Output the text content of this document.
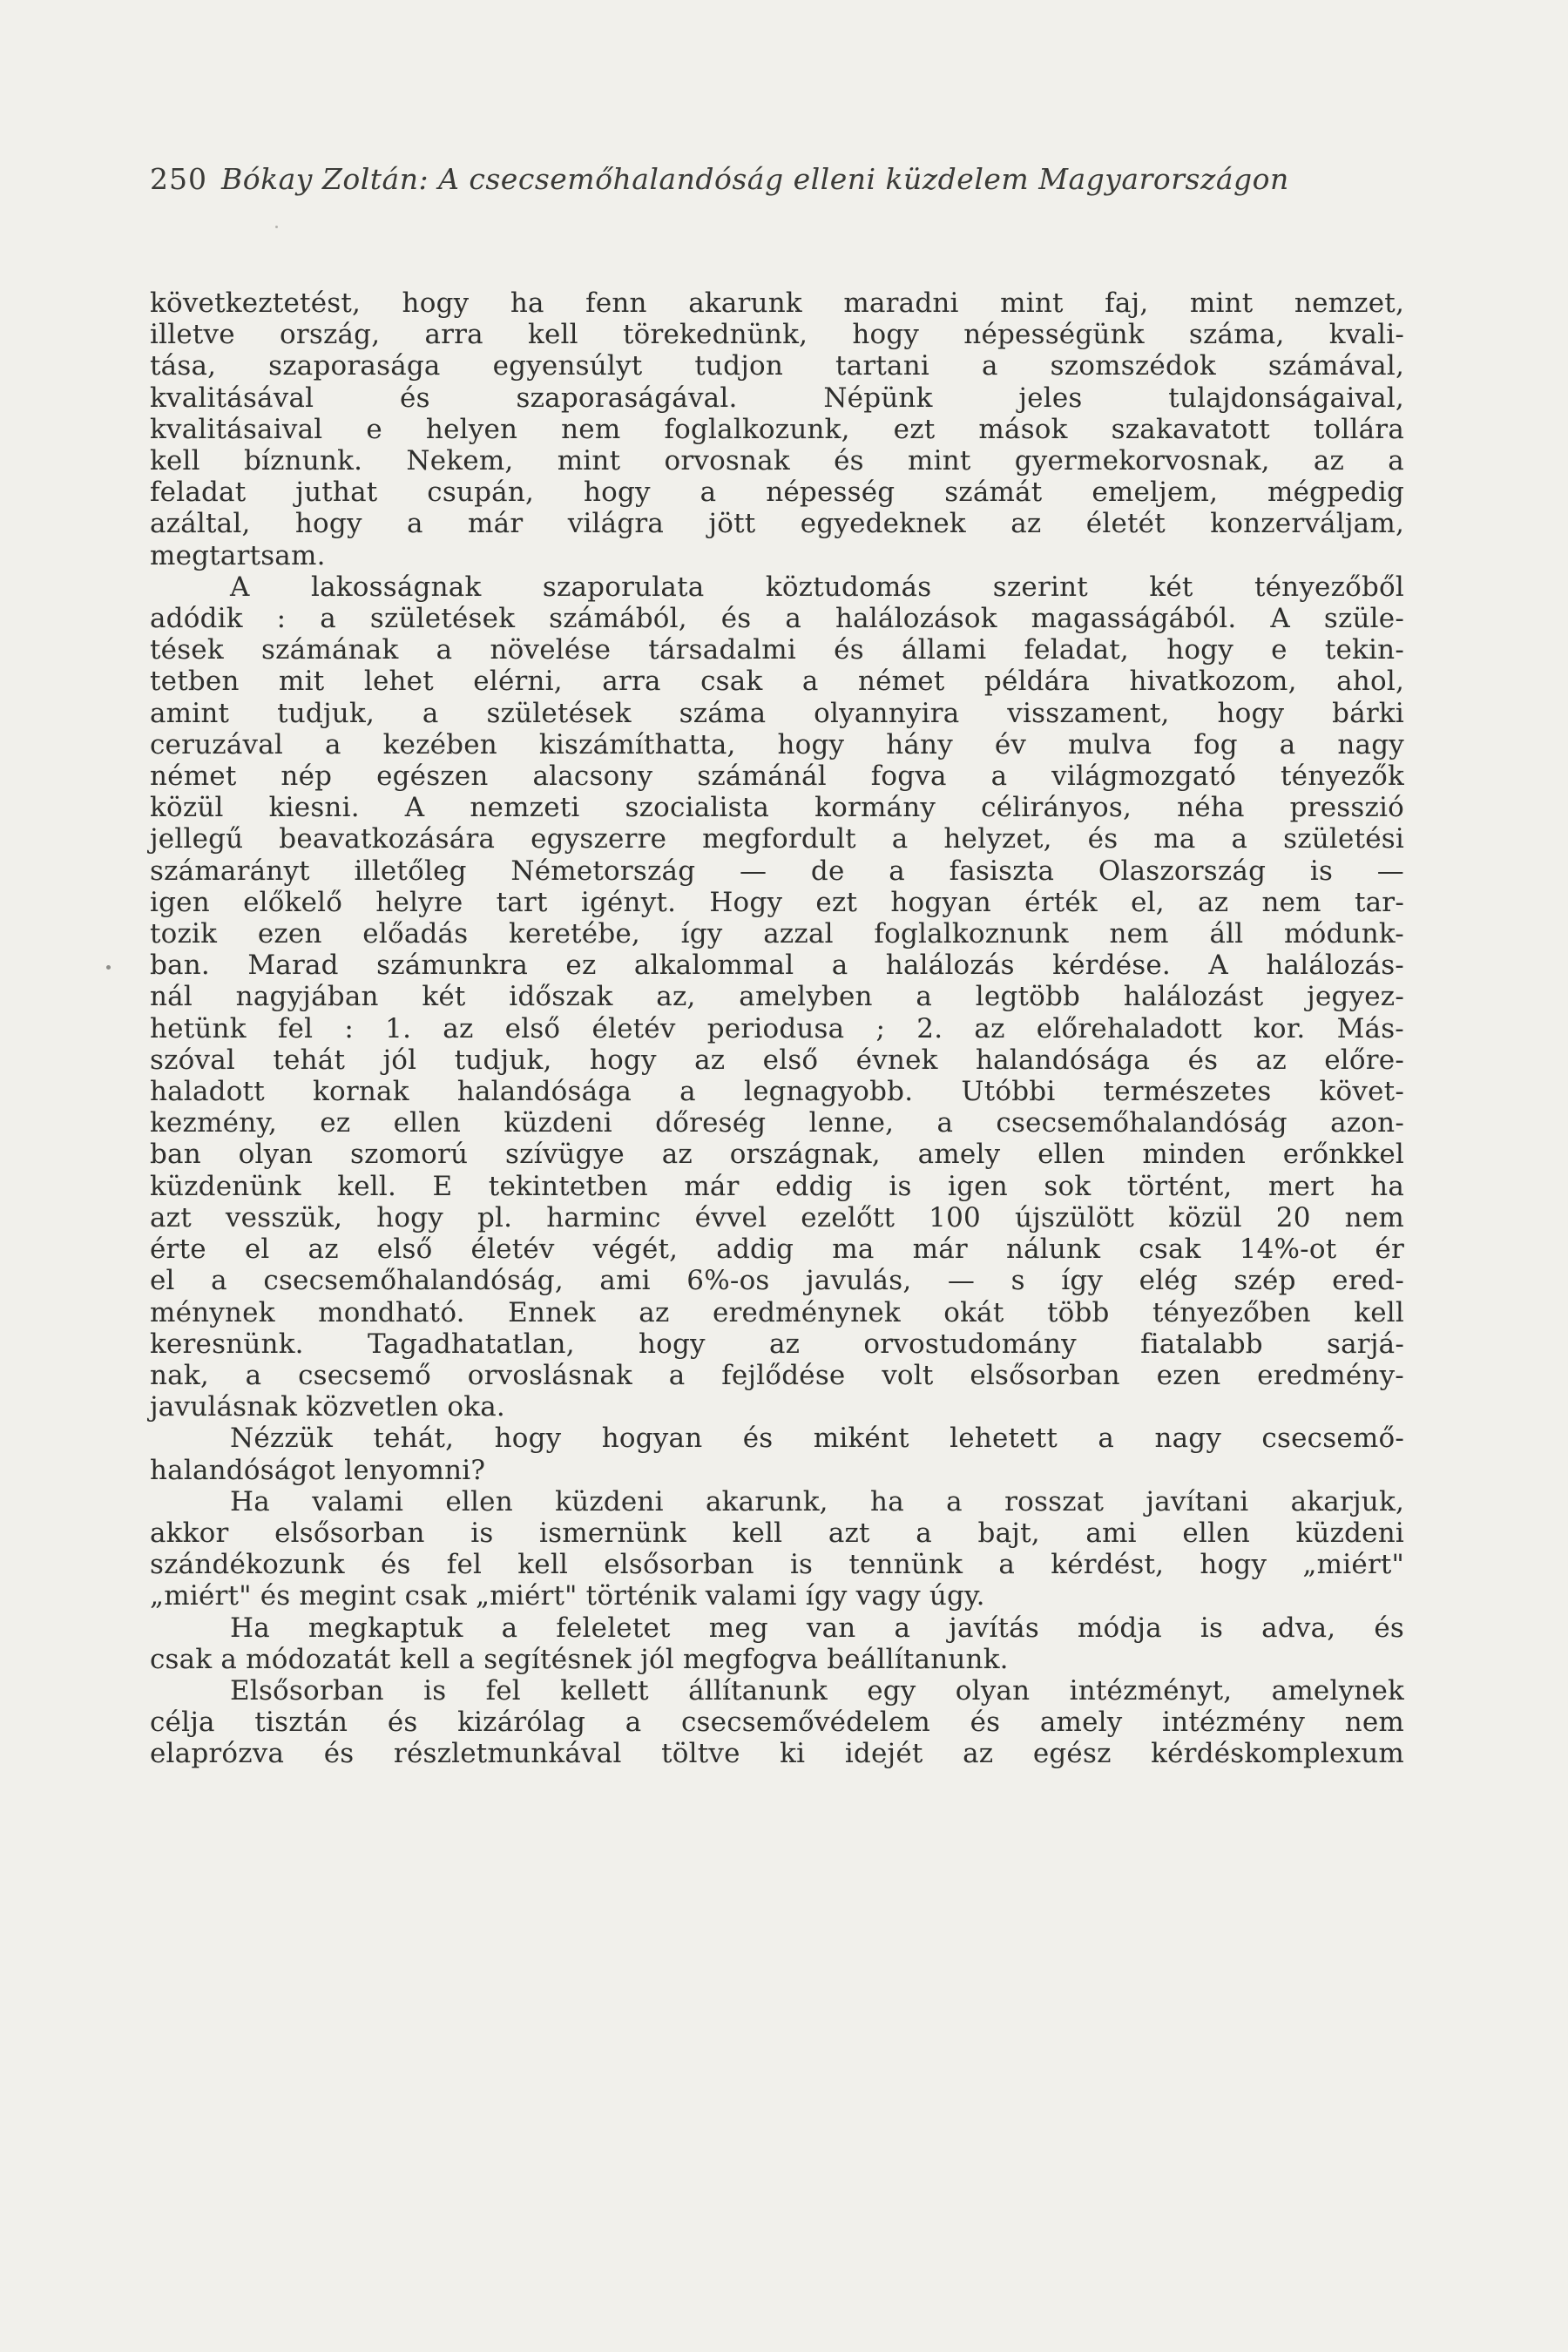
250 Bókay Zoltán: A csecsemőhalandóság elleni küzdelem Magyarországon
következtetést, hogy ha fenn akarunk maradni mint faj, mint nemzet,
illetve ország, arra kell törekednünk, hogy népességünk száma, kvali-
tása, szaporasága egyensúlyt tudjon tartani a szomszédok számával,
kvalitásával és szaporaságával. Népünk jeles tulajdonságaival,
kvalitásaival e helyen nem foglalkozunk, ezt mások szakavatott tollára
kell bíznunk. Nekem, mint orvosnak és mint gyermekorvosnak, az a
feladat juthat csupán, hogy a népesség számát emeljem, mégpedig
azáltal, hogy a már világra jött egyedeknek az életét konzerváljam,
megtartsam.
A lakosságnak szaporulata köztudomás szerint két tényezőből
adódik : a születések számából, és a halálozások magasságából. A szüle-
tések számának a növelése társadalmi és állami feladat, hogy e tekin-
tetben mit lehet elérni, arra csak a német példára hivatkozom, ahol,
amint tudjuk, a születések száma olyannyira visszament, hogy bárki
ceruzával a kezében kiszámíthatta, hogy hány év mulva fog a nagy
német nép egészen alacsony számánál fogva a világmozgató tényezők
közül kiesni. A nemzeti szocialista kormány célirányos, néha presszió
jellegű beavatkozására egyszerre megfordult a helyzet, és ma a születési
számarányt illetőleg Németország — de a fasiszta Olaszország is —
igen előkelő helyre tart igényt. Hogy ezt hogyan érték el, az nem tar-
tozik ezen előadás keretébe, így azzal foglalkoznunk nem áll módunk-
ban. Marad számunkra ez alkalommal a halálozás kérdése. A halálozás-
nál nagyjában két időszak az, amelyben a legtöbb halálozást jegyez-
hetünk fel : 1. az első életév periodusa ; 2. az előrehaladott kor. Más-
szóval tehát jól tudjuk, hogy az első évnek halandósága és az előre-
haladott kornak halandósága a legnagyobb. Utóbbi természetes követ-
kezmény, ez ellen küzdeni dőreség lenne, a csecsemőhalandóság azon-
ban olyan szomorú szívügye az országnak, amely ellen minden erőnkkel
küzdenünk kell. E tekintetben már eddig is igen sok történt, mert ha
azt vesszük, hogy pl. harminc évvel ezelőtt 100 újszülött közül 20 nem
érte el az első életév végét, addig ma már nálunk csak 14%-ot ér
el a csecsemőhalandóság, ami 6%-os javulás, — s így elég szép ered-
ménynek mondható. Ennek az eredménynek okát több tényezőben kell
keresnünk. Tagadhatatlan, hogy az orvostudomány fiatalabb sarjá-
nak, a csecsemő orvoslásnak a fejlődése volt elsősorban ezen eredmény-
javulásnak közvetlen oka.
Nézzük tehát, hogy hogyan és miként lehetett a nagy csecsemő-
halandóságot lenyomni?
Ha valami ellen küzdeni akarunk, ha a rosszat javítani akarjuk,
akkor elsősorban is ismernünk kell azt a bajt, ami ellen küzdeni
szándékozunk és fel kell elsősorban is tennünk a kérdést, hogy „miért"
„miért" és megint csak „miért" történik valami így vagy úgy.
Ha megkaptuk a feleletet meg van a javítás módja is adva, és
csak a módozatát kell a segítésnek jól megfogva beállítanunk.
Elsősorban is fel kellett állítanunk egy olyan intézményt, amelynek
célja tisztán és kizárólag a csecsemővédelem és amely intézmény nem
elaprózva és részletmunkával töltve ki idejét az egész kérdéskomplexum
